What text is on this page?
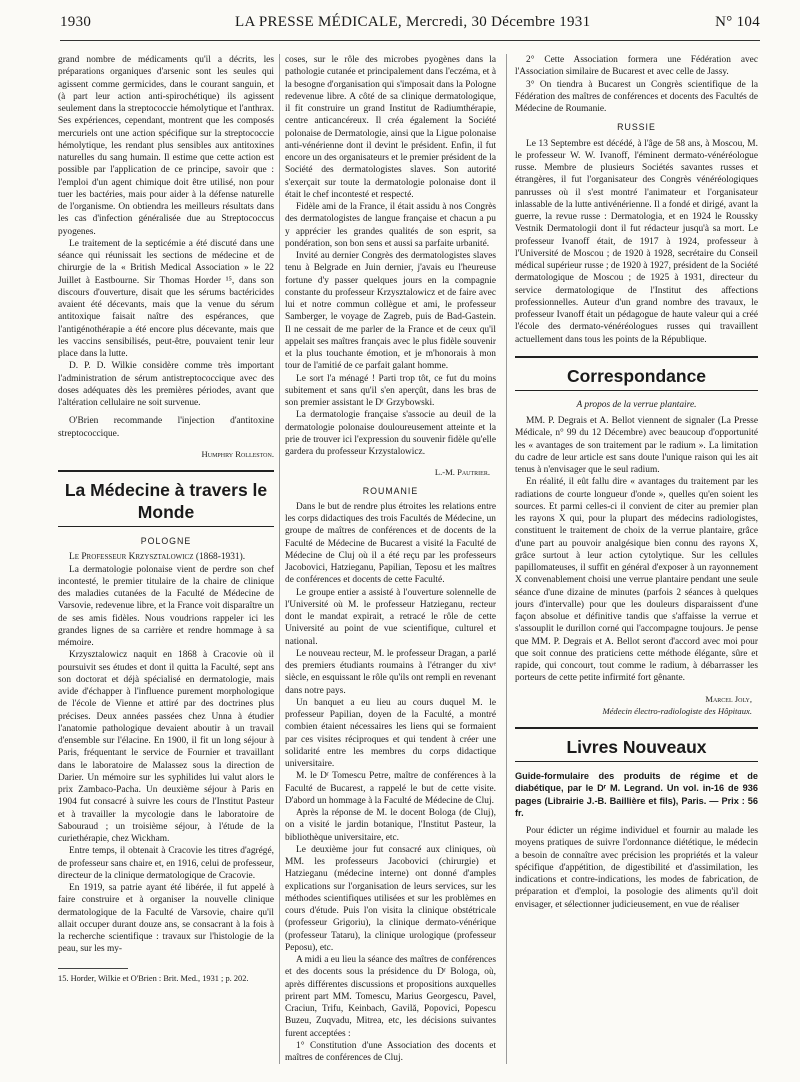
1930	LA PRESSE MÉDICALE, Mercredi, 30 Décembre 1931	N° 104

grand nombre de médicaments qu'il a décrits, les préparations organiques d'arsenic sont les seules qui agissent comme germicides, dans le courant sanguin, et (à part leur action anti-spirochétique) ils agissent seulement dans la streptococcie hémolytique et l'anthrax. Ses expériences, cependant, montrent que les composés mercuriels ont une action spécifique sur la streptococcie hémolytique, les rendant plus sensibles aux antitoxines naturelles du sang humain. Il estime que cette action est possible par l'application de ce principe, savoir que : l'emploi d'un agent chimique doit être utilisé, non pour tuer les bactéries, mais pour aider à la défense naturelle de l'organisme. On obtiendra les meilleurs résultats dans les cas d'infection généralisée due au Streptococcus pyogenes.

Le traitement de la septicémie a été discuté dans une séance qui réunissait les sections de médecine et de chirurgie de la « British Medical Association » le 22 Juillet à Eastbourne. Sir Thomas Horder ¹⁵, dans son discours d'ouverture, disait que les sérums bactéricides avaient été décevants, mais que la venue du sérum antitoxique faisait naître des espérances, que l'antigénothérapie a été encore plus décevante, mais que les vaccins sensibilisés, peut-être, pouvaient tenir leur place dans la lutte.

D. P. D. Wilkie considère comme très important l'administration de sérum antistreptococcique avec des doses adéquates dès les premières périodes, avant que l'altération cellulaire ne soit survenue.

O'Brien recommande l'injection d'antitoxine streptococcique.

Humphry Rolleston.
La Médecine à travers le Monde
POLOGNE

Le Professeur Krzysztalowicz (1868-1931).

La dermatologie polonaise vient de perdre son chef incontesté, le premier titulaire de la chaire de clinique des maladies cutanées de la Faculté de Médecine de Varsovie, redevenue libre, et la France voit disparaître un de ses amis fidèles. Nous voudrions rappeler ici les grandes lignes de sa carrière et rendre hommage à sa mémoire.

Krzysztalowicz naquit en 1868 à Cracovie où il poursuivit ses études et dont il quitta la Faculté, sept ans son doctorat et déjà spécialisé en dermatologie, mais avide d'échapper à l'influence purement morphologique de l'école de Vienne et attiré par des doctrines plus précises. Deux années passées chez Unna à étudier l'anatomie pathologique devaient aboutir à un travail d'ensemble sur l'élacine. En 1900, il fit un long séjour à Paris, fréquentant le service de Fournier et travaillant dans le laboratoire de Malassez sous la direction de Darier. Un mémoire sur les syphilides lui valut alors le prix Zambaco-Pacha. Un deuxième séjour à Paris en 1904 fut consacré à suivre les cours de l'Institut Pasteur et à travailler la mycologie dans le laboratoire de Sabouraud ; un troisième séjour, à l'étude de la curiethérapie, chez Wickham.

Entre temps, il obtenait à Cracovie les titres d'agrégé, de professeur sans chaire et, en 1916, celui de professeur, directeur de la clinique dermatologique de Cracovie.

En 1919, sa patrie ayant été libérée, il fut appelé à faire construire et à organiser la nouvelle clinique dermatologique de la Faculté de Varsovie, chaire qu'il allait occuper durant douze ans, se consacrant à la fois à la recherche scientifique : travaux sur l'histologie de la peau, sur les my-

15. Horder, Wilkie et O'Brien : Brit. Med., 1931 ; p. 202.

coses, sur le rôle des microbes pyogènes dans la pathologie cutanée et principalement dans l'eczéma, et à la besogne d'organisation qui s'imposait dans la Pologne redevenue libre. A côté de sa clinique dermatologique, il fit construire un grand Institut de Radiumthérapie, centre anticancéreux. Il créa également la Société polonaise de Dermatologie, ainsi que la Ligue polonaise anti-vénérienne dont il devint le président. Enfin, il fut encore un des organisateurs et le premier président de la Société des dermatologistes slaves. Son autorité s'exerçait sur toute la dermatologie polonaise dont il était le chef incontesté et respecté.

Fidèle ami de la France, il était assidu à nos Congrès des dermatologistes de langue française et chacun a pu y apprécier les grandes qualités de son esprit, sa pondération, son bon sens et aussi sa parfaite urbanité.

Invité au dernier Congrès des dermatologistes slaves tenu à Belgrade en Juin dernier, j'avais eu l'heureuse fortune d'y passer quelques jours en la compagnie constante du professeur Krzysztalowicz et de faire avec lui et notre commun collègue et ami, le professeur Samberger, le voyage de Zagreb, puis de Bad-Gastein. Il ne cessait de me parler de la France et de ceux qu'il appelait ses maîtres français avec le plus fidèle souvenir et la plus touchante émotion, et je m'honorais à mon tour de l'amitié de ce parfait galant homme.

Le sort l'a ménagé ! Parti trop tôt, ce fut du moins subitement et sans qu'il s'en aperçût, dans les bras de son premier assistant le Dʳ Grzybowski.

La dermatologie française s'associe au deuil de la dermatologie polonaise douloureusement atteinte et la prie de trouver ici l'expression du souvenir fidèle qu'elle gardera du professeur Krzystalowicz.

L.-M. Pautrier.
ROUMANIE

Dans le but de rendre plus étroites les relations entre les corps didactiques des trois Facultés de Médecine, un groupe de maîtres de conférences et de docents de la Faculté de Médecine de Bucarest a visité la Faculté de Médecine de Cluj où il a été reçu par les professeurs Jacobovici, Hatzieganu, Papilian, Teposu et les maîtres de conférences et docents de cette Faculté.

Le groupe entier a assisté à l'ouverture solennelle de l'Université où M. le professeur Hatzieganu, recteur dont le mandat expirait, a retracé le rôle de cette Université au point de vue scientifique, culturel et national.

Le nouveau recteur, M. le professeur Dragan, a parlé des premiers étudiants roumains à l'étranger du xivᵉ siècle, en esquissant le rôle qu'ils ont rempli en revenant dans notre pays.

Un banquet a eu lieu au cours duquel M. le professeur Papilian, doyen de la Faculté, a montré combien étaient nécessaires les liens qui se formaient par ces visites réciproques et qui tendent à créer une solidarité entre les membres du corps didactique universitaire.

M. le Dʳ Tomescu Petre, maître de conférences à la Faculté de Bucarest, a rappelé le but de cette visite. D'abord un hommage à la Faculté de Médecine de Cluj.

Après la réponse de M. le docent Bologa (de Cluj), on a visité le jardin botanique, l'Institut Pasteur, la bibliothèque universitaire, etc.

Le deuxième jour fut consacré aux cliniques, où MM. les professeurs Jacobovici (chirurgie) et Hatzieganu (médecine interne) ont donné d'amples explications sur l'organisation de leurs services, sur les méthodes scientifiques utilisées et sur les problèmes en cours d'étude. Puis l'on visita la clinique obstétricale (professeur Grigoriu), la clinique dermato-vénérique (professeur Tataru), la clinique urologique (professeur Peposu), etc.

A midi a eu lieu la séance des maîtres de conférences et des docents sous la présidence du Dʳ Bologa, où, après différentes discussions et propositions auxquelles prirent part MM. Tomescu, Marius Georgescu, Pavel, Craciun, Trifu, Keinbach, Gavilă, Popovici, Popescu Buzeu, Zuqvadu, Mitrea, etc, les décisions suivantes furent acceptées :

1° Constitution d'une Association des docents et maîtres de conférences de Cluj.

2° Cette Association formera une Fédération avec l'Association similaire de Bucarest et avec celle de Jassy.

3° On tiendra à Bucarest un Congrès scientifique de la Fédération des maîtres de conférences et docents des Facultés de Médecine de Roumanie.

RUSSIE

Le 13 Septembre est décédé, à l'âge de 58 ans, à Moscou, M. le professeur W. W. Ivanoff, l'éminent dermato-vénéréologue russe. Membre de plusieurs Sociétés savantes russes et étrangères, il fut l'organisateur des Congrès vénéréologiques panrusses où il s'est montré l'animateur et l'organisateur inlassable de la lutte antivénérienne. Il a fondé et dirigé, avant la guerre, la revue russe : Dermatologia, et en 1924 le Roussky Vestnik Dermatologii dont il fut rédacteur jusqu'à sa mort. Le professeur Ivanoff était, de 1917 à 1924, professeur à l'Université de Moscou ; de 1920 à 1928, secrétaire du Conseil médical supérieur russe ; de 1920 à 1927, président de la Société dermatologique de Moscou ; de 1925 à 1931, directeur du service dermatologique de l'Institut des affections professionnelles. Auteur d'un grand nombre des travaux, le professeur Ivanoff était un pédagogue de haute valeur qui a créé l'école des dermato-vénéréologues russes qui travaillent actuellement dans tous les points de la République.

Correspondance
A propos de la verrue plantaire.

MM. P. Degrais et A. Bellot viennent de signaler (La Presse Médicale, n° 99 du 12 Décembre) avec beaucoup d'opportunité les « avantages de son traitement par le radium ». La limitation du cadre de leur article est sans doute l'unique raison qui les ait tenus à n'envisager que le seul radium.

En réalité, il eût fallu dire « avantages du traitement par les radiations de courte longueur d'onde », quelles qu'en soient les sources. Et parmi celles-ci il convient de citer au premier plan les rayons X qui, pour la plupart des médecins radiologistes, constituent le traitement de choix de la verrue plantaire, grâce d'une part au pouvoir analgésique bien connu des rayons X, grâce surtout à leur action cytolytique. Sur les cellules papillomateuses, il suffit en général d'exposer à un rayonnement X convenablement choisi une verrue plantaire pendant une seule séance d'une dizaine de minutes (parfois 2 séances à quelques jours d'intervalle) pour que les douleurs disparaissent d'une façon absolue et définitive tandis que s'affaisse la verrue et s'assouplit le durillon corné qui l'accompagne toujours. Je pense que MM. P. Degrais et A. Bellot seront d'accord avec moi pour que soit connue des praticiens cette méthode élégante, sûre et rapide, qui concourt, tout comme le radium, à débarrasser les porteurs de cette petite infirmité fort gênante.

Marcel Joly,
Médecin électro-radiologiste des Hôpitaux.
Livres Nouveaux

Guide-formulaire des produits de régime et de diabétique, par le Dʳ M. Legrand. Un vol. in-16 de 936 pages (Librairie J.-B. Baillière et fils), Paris. — Prix : 56 fr.

Pour édicter un régime individuel et fournir au malade les moyens pratiques de suivre l'ordonnance diététique, le médecin a besoin de connaître avec précision les propriétés et la valeur spécifique d'appétition, de digestibilité et d'assimilation, les indications et contre-indications, les modes de fabrication, de préparation et d'emploi, la posologie des aliments qu'il doit envisager, et sélectionner judicieusement, en vue de réaliser
